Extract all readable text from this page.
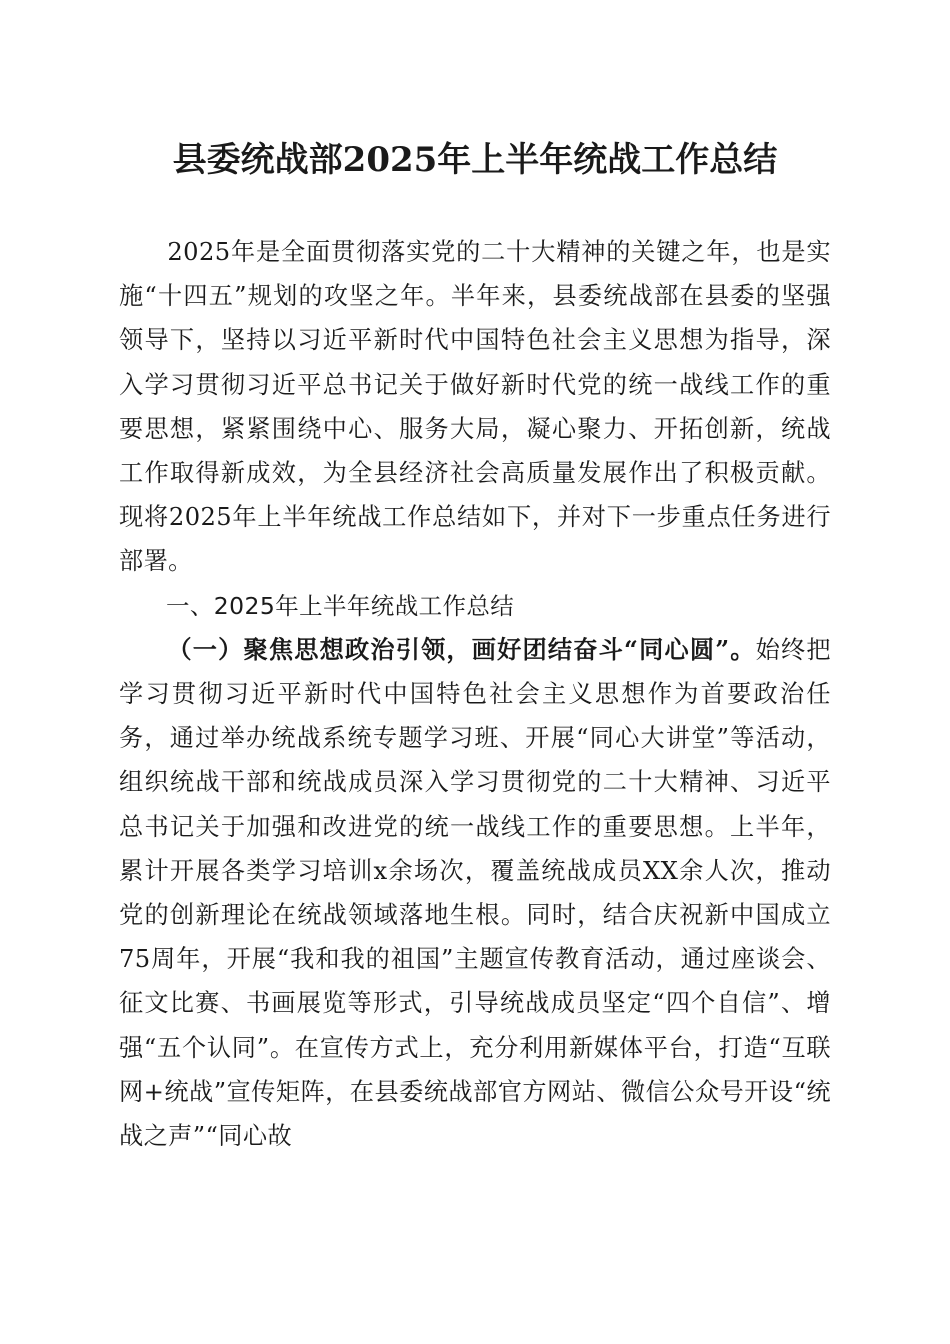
县委统战部2025年上半年统战工作总结

2025年是全面贯彻落实党的二十大精神的关键之年，也是实施“十四五”规划的攻坚之年。半年来，县委统战部在县委的坚强领导下，坚持以习近平新时代中国特色社会主义思想为指导，深入学习贯彻习近平总书记关于做好新时代党的统一战线工作的重要思想，紧紧围绕中心、服务大局，凝心聚力、开拓创新，统战工作取得新成效，为全县经济社会高质量发展作出了积极贡献。现将2025年上半年统战工作总结如下，并对下一步重点任务进行部署。

一、2025年上半年统战工作总结

（一）聚焦思想政治引领，画好团结奋斗“同心圆”。始终把学习贯彻习近平新时代中国特色社会主义思想作为首要政治任务，通过举办统战系统专题学习班、开展“同心大讲堂”等活动，组织统战干部和统战成员深入学习贯彻党的二十大精神、习近平总书记关于加强和改进党的统一战线工作的重要思想。上半年，累计开展各类学习培训x余场次，覆盖统战成员XX余人次，推动党的创新理论在统战领域落地生根。同时，结合庆祝新中国成立75周年，开展“我和我的祖国”主题宣传教育活动，通过座谈会、征文比赛、书画展览等形式，引导统战成员坚定“四个自信”、增强“五个认同”。在宣传方式上，充分利用新媒体平台，打造“互联网+统战”宣传矩阵，在县委统战部官方网站、微信公众号开设“统战之声”“同心故
